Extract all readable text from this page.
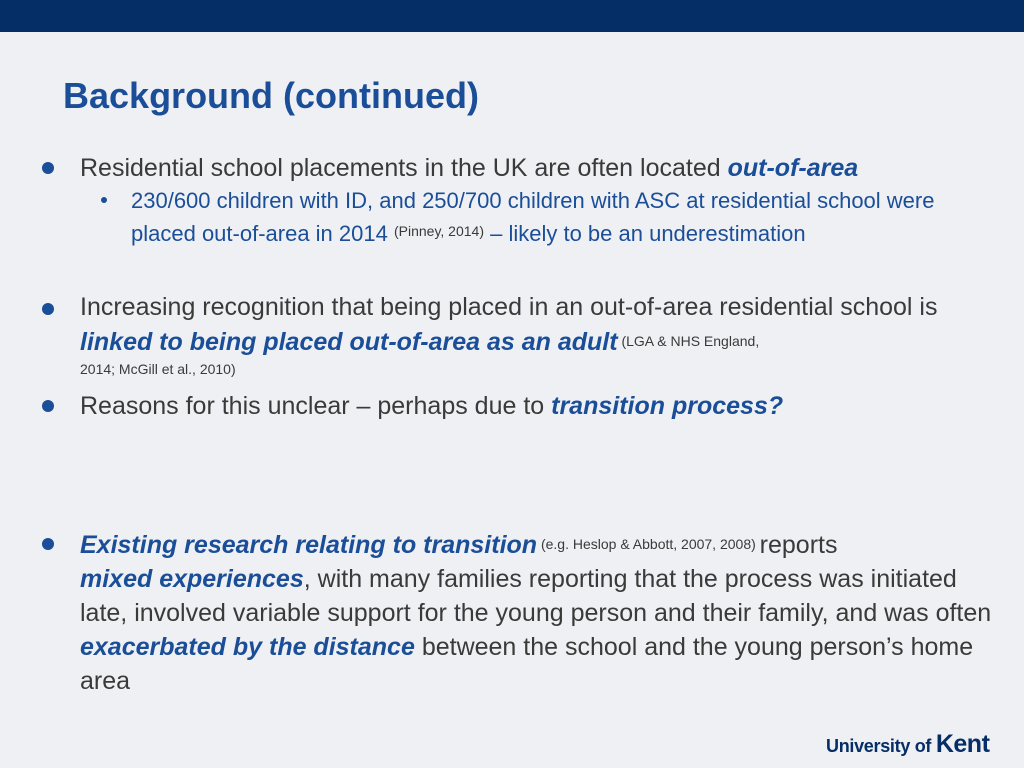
Background (continued)
Residential school placements in the UK are often located out-of-area
230/600 children with ID, and 250/700 children with ASC at residential school were placed out-of-area in 2014 $^{(Pinney, 2014)}$ – likely to be an underestimation
Increasing recognition that being placed in an out-of-area residential school is linked to being placed out-of-area as an adult (LGA & NHS England,
2014; McGill et al., 2010)
Reasons for this unclear – perhaps due to transition process?
Existing research relating to transition (e.g. Heslop & Abbott, 2007, 2008) reports
mixed experiences, with many families reporting that the process was initiated late, involved variable support for the young person and their family, and was often exacerbated by the distance between the school and the young person’s home area
University of Kent
